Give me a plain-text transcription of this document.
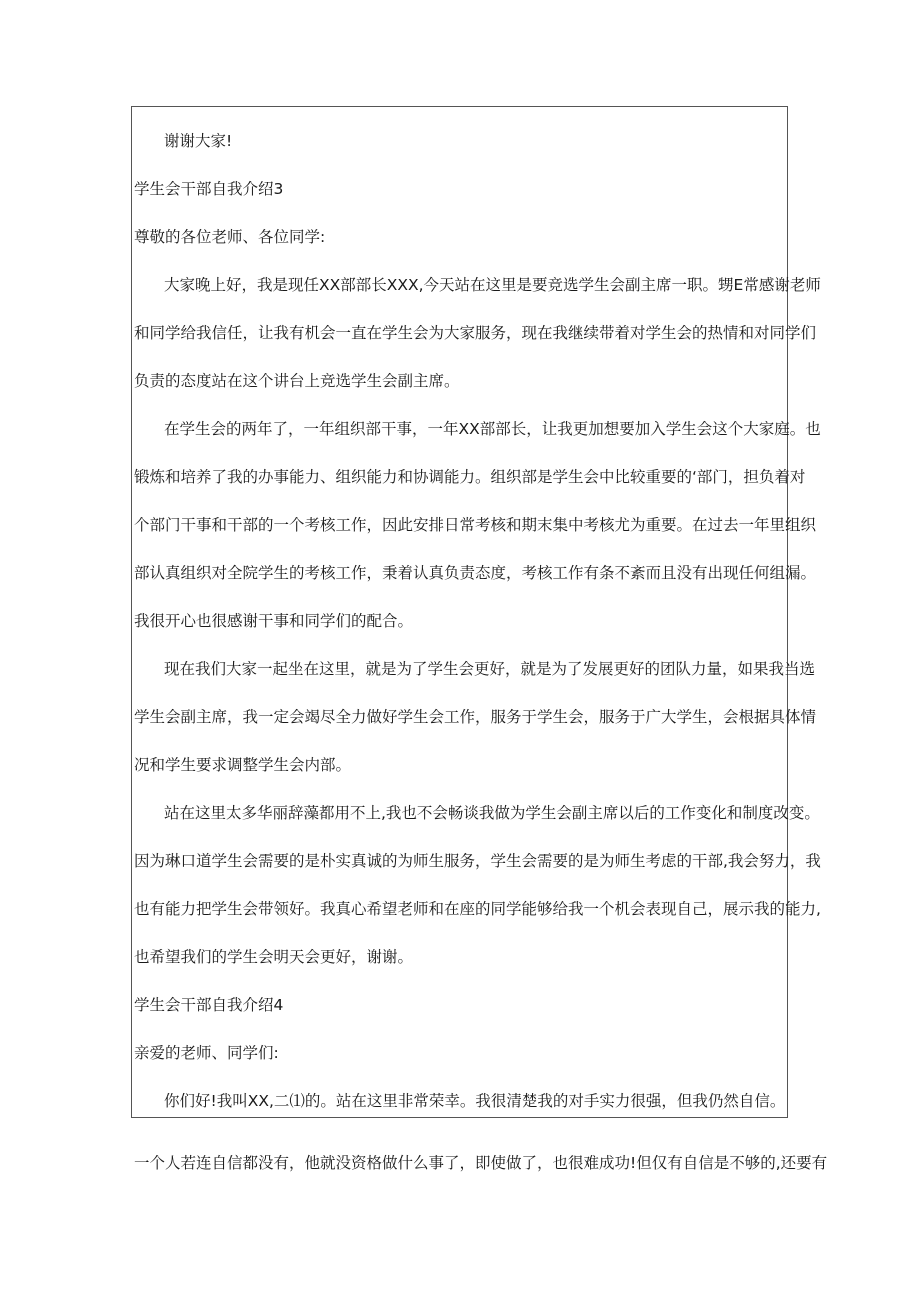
谢谢大家!
学生会干部自我介绍3
尊敬的各位老师、各位同学:
大家晚上好，我是现任XX部部长XXX,今天站在这里是要竞选学生会副主席一职。甥E常感谢老师
和同学给我信任，让我有机会一直在学生会为大家服务，现在我继续带着对学生会的热情和对同学们
负责的态度站在这个讲台上竞选学生会副主席。
在学生会的两年了，一年组织部干事，一年XX部部长，让我更加想要加入学生会这个大家庭。也
锻炼和培养了我的办事能力、组织能力和协调能力。组织部是学生会中比较重要的‘部门，担负着对
个部门干事和干部的一个考核工作，因此安排日常考核和期末集中考核尤为重要。在过去一年里组织
部认真组织对全院学生的考核工作，秉着认真负责态度，考核工作有条不紊而且没有出现任何组漏。
我很开心也很感谢干事和同学们的配合。
现在我们大家一起坐在这里，就是为了学生会更好，就是为了发展更好的团队力量，如果我当选
学生会副主席，我一定会竭尽全力做好学生会工作，服务于学生会，服务于广大学生，会根据具体情
况和学生要求调整学生会内部。
站在这里太多华丽辞藻都用不上,我也不会畅谈我做为学生会副主席以后的工作变化和制度改变。
因为琳口道学生会需要的是朴实真诚的为师生服务，学生会需要的是为师生考虑的干部,我会努力，我
也有能力把学生会带领好。我真心希望老师和在座的同学能够给我一个机会表现自己，展示我的能力,
也希望我们的学生会明天会更好，谢谢。
学生会干部自我介绍4
亲爱的老师、同学们:
你们好!我叫XX,二⑴的。站在这里非常荣幸。我很清楚我的对手实力很强，但我仍然自信。
一个人若连自信都没有，他就没资格做什么事了，即使做了，也很难成功!但仅有自信是不够的,还要有
